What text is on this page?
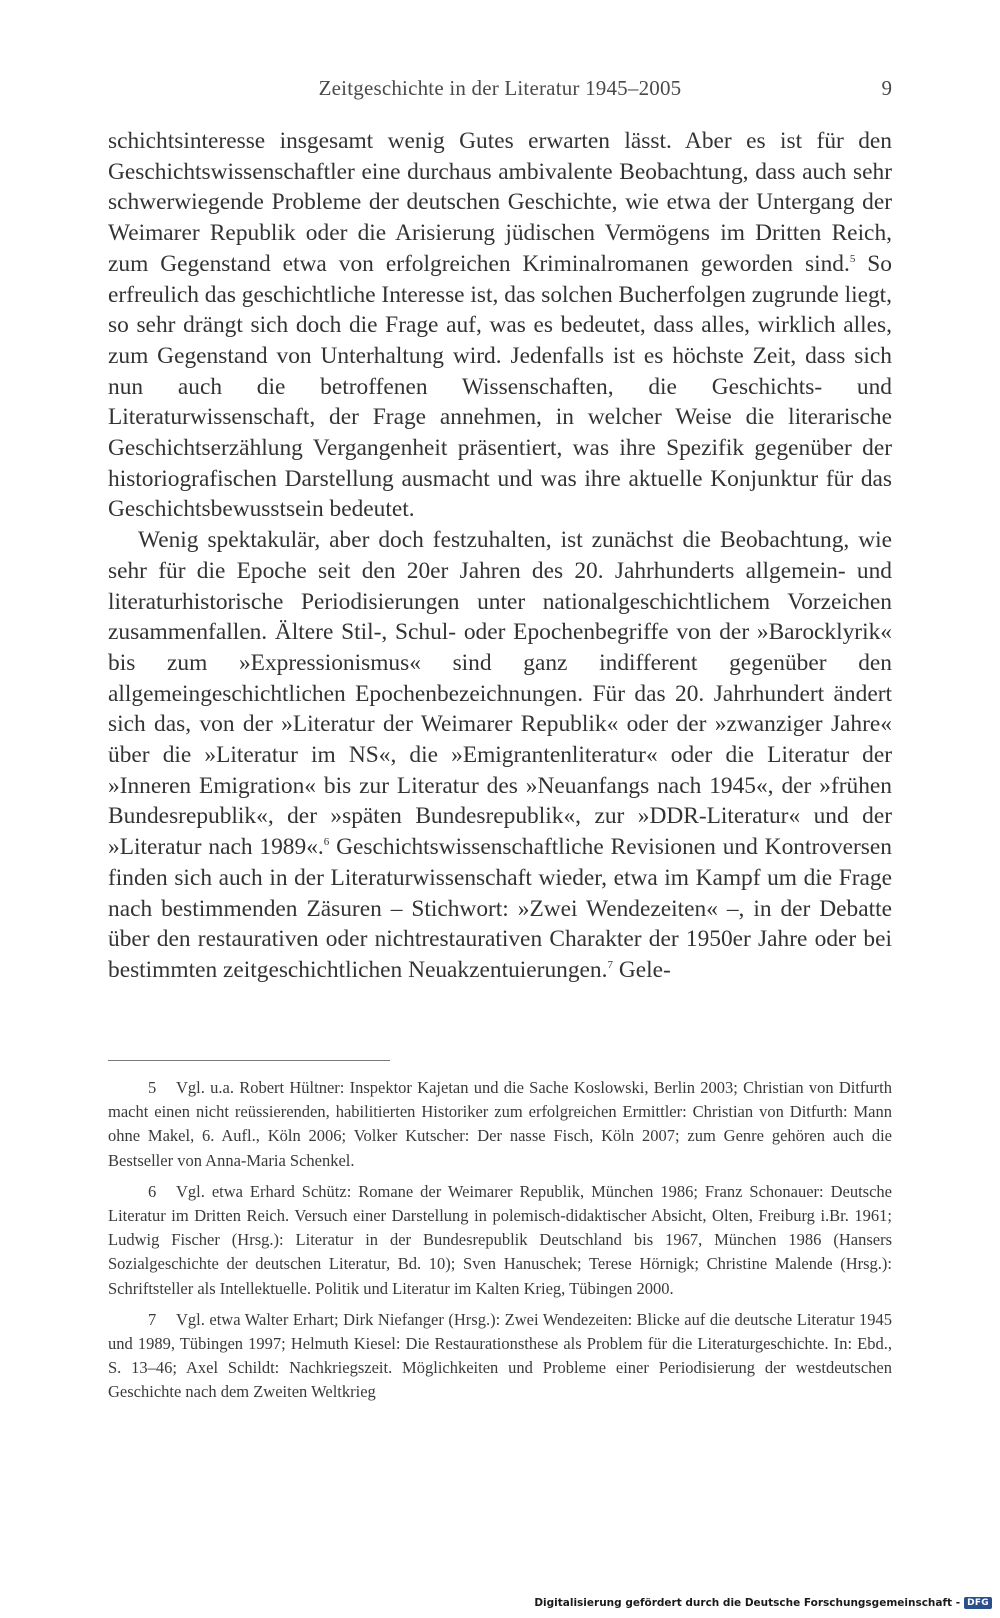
Zeitgeschichte in der Literatur 1945–2005	9

schichtsinteresse insgesamt wenig Gutes erwarten lässt. Aber es ist für den Geschichtswissenschaftler eine durchaus ambivalente Beobachtung, dass auch sehr schwerwiegende Probleme der deutschen Geschichte, wie etwa der Untergang der Weimarer Republik oder die Arisierung jüdischen Vermögens im Dritten Reich, zum Gegenstand etwa von erfolgreichen Kriminalromanen geworden sind.$^5$ So erfreulich das geschichtliche Interesse ist, das solchen Bucherfolgen zugrunde liegt, so sehr drängt sich doch die Frage auf, was es bedeutet, dass alles, wirklich alles, zum Gegenstand von Unterhaltung wird. Jedenfalls ist es höchste Zeit, dass sich nun auch die betroffenen Wissenschaften, die Geschichts- und Literaturwissenschaft, der Frage annehmen, in welcher Weise die literarische Geschichtserzählung Vergangenheit präsentiert, was ihre Spezifik gegenüber der historiografischen Darstellung ausmacht und was ihre aktuelle Konjunktur für das Geschichtsbewusstsein bedeutet.

Wenig spektakulär, aber doch festzuhalten, ist zunächst die Beobachtung, wie sehr für die Epoche seit den 20er Jahren des 20. Jahrhunderts allgemein- und literaturhistorische Periodisierungen unter nationalgeschichtlichem Vorzeichen zusammenfallen. Ältere Stil-, Schul- oder Epochenbegriffe von der »Barocklyrik« bis zum »Expressionismus« sind ganz indifferent gegenüber den allgemeingeschichtlichen Epochenbezeichnungen. Für das 20. Jahrhundert ändert sich das, von der »Literatur der Weimarer Republik« oder der »zwanziger Jahre« über die »Literatur im NS«, die »Emigrantenliteratur« oder die Literatur der »Inneren Emigration« bis zur Literatur des »Neuanfangs nach 1945«, der »frühen Bundesrepublik«, der »späten Bundesrepublik«, zur »DDR-Literatur« und der »Literatur nach 1989«.$^6$ Geschichtswissenschaftliche Revisionen und Kontroversen finden sich auch in der Literaturwissenschaft wieder, etwa im Kampf um die Frage nach bestimmenden Zäsuren – Stichwort: »Zwei Wendezeiten« –, in der Debatte über den restaurativen oder nichtrestaurativen Charakter der 1950er Jahre oder bei bestimmten zeitgeschichtlichen Neuakzentuierungen.$^7$ Gele-

5 Vgl. u.a. Robert Hültner: Inspektor Kajetan und die Sache Koslowski, Berlin 2003; Christian von Ditfurth macht einen nicht reüssierenden, habilitierten Historiker zum erfolgreichen Ermittler: Christian von Ditfurth: Mann ohne Makel, 6. Aufl., Köln 2006; Volker Kutscher: Der nasse Fisch, Köln 2007; zum Genre gehören auch die Bestseller von Anna-Maria Schenkel.

6 Vgl. etwa Erhard Schütz: Romane der Weimarer Republik, München 1986; Franz Schonauer: Deutsche Literatur im Dritten Reich. Versuch einer Darstellung in polemisch-didaktischer Absicht, Olten, Freiburg i.Br. 1961; Ludwig Fischer (Hrsg.): Literatur in der Bundesrepublik Deutschland bis 1967, München 1986 (Hansers Sozialgeschichte der deutschen Literatur, Bd. 10); Sven Hanuschek; Terese Hörnigk; Christine Malende (Hrsg.): Schriftsteller als Intellektuelle. Politik und Literatur im Kalten Krieg, Tübingen 2000.

7 Vgl. etwa Walter Erhart; Dirk Niefanger (Hrsg.): Zwei Wendezeiten: Blicke auf die deutsche Literatur 1945 und 1989, Tübingen 1997; Helmuth Kiesel: Die Restaurationsthese als Problem für die Literaturgeschichte. In: Ebd., S. 13–46; Axel Schildt: Nachkriegszeit. Möglichkeiten und Probleme einer Periodisierung der westdeutschen Geschichte nach dem Zweiten Weltkrieg

Digitalisierung gefördert durch die Deutsche Forschungsgemeinschaft - DFG
